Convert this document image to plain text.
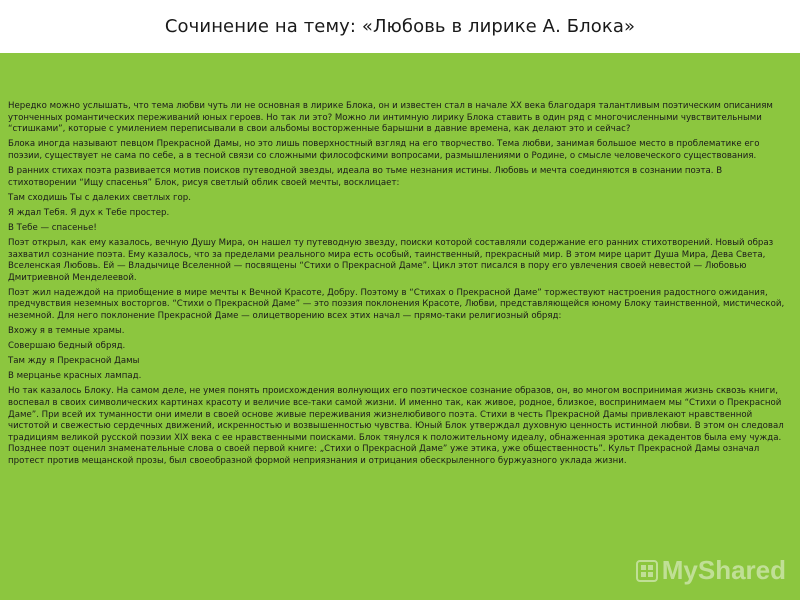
Сочинение на тему: «Любовь в лирике А. Блока»

Нередко можно услышать, что тема любви чуть ли не основная в лирике Блока, он и известен стал в начале XX века благодаря талантливым поэтическим описаниям утонченных романтических переживаний юных героев. Но так ли это? Можно ли интимную лирику Блока ставить в один ряд с многочисленными чувствительными “стишками”, которые с умилением переписывали в свои альбомы восторженные барышни в давние времена, как делают это и сейчас?

Блока иногда называют певцом Прекрасной Дамы, но это лишь поверхностный взгляд на его творчество. Тема любви, занимая большое место в проблематике его поэзии, существует не сама по себе, а в тесной связи со сложными философскими вопросами, размышлениями о Родине, о смысле человеческого существования.

В ранних стихах поэта развивается мотив поисков путеводной звезды, идеала во тьме незнания истины. Любовь и мечта соединяются в сознании поэта. В стихотворении “Ищу спасенья” Блок, рисуя светлый облик своей мечты, восклицает:

Там сходишь Ты с далеких светлых гор.

Я ждал Тебя. Я дух к Тебе простер.

В Тебе — спасенье!

Поэт открыл, как ему казалось, вечную Душу Мира, он нашел ту путеводную звезду, поиски которой составляли содержание его ранних стихотворений. Новый образ захватил сознание поэта. Ему казалось, что за пределами реального мира есть особый, таинственный, прекрасный мир. В этом мире царит Душа Мира, Дева Света, Вселенская Любовь. Ей — Владычице Вселенной — посвящены “Стихи о Прекрасной Даме”. Цикл этот писался в пору его увлечения своей невестой — Любовью Дмитриевной Менделеевой.

Поэт жил надеждой на приобщение в мире мечты к Вечной Красоте, Добру. Поэтому в “Стихах о Прекрасной Даме” торжествуют настроения радостного ожидания, предчувствия неземных восторгов. “Стихи о Прекрасной Даме” — это поэзия поклонения Красоте, Любви, представляющейся юному Блоку таинственной, мистической, неземной. Для него поклонение Прекрасной Даме — олицетворению всех этих начал — прямо-таки религиозный обряд:

Вхожу я в темные храмы.

Совершаю бедный обряд.

Там жду я Прекрасной Дамы

В мерцанье красных лампад.

Но так казалось Блоку. На самом деле, не умея понять происхождения волнующих его поэтическое сознание образов, он, во многом воспринимая жизнь сквозь книги, воспевал в своих символических картинах красоту и величие все-таки самой жизни. И именно так, как живое, родное, близкое, воспринимаем мы “Стихи о Прекрасной Даме”. При всей их туманности они имели в своей основе живые переживания жизнелюбивого поэта. Стихи в честь Прекрасной Дамы привлекают нравственной чистотой и свежестью сердечных движений, искренностью и возвышенностью чувства. Юный Блок утверждал духовную ценность истинной любви. В этом он следовал традициям великой русской поэзии XIX века с ее нравственными поисками. Блок тянулся к положительному идеалу, обнаженная эротика декадентов была ему чужда. Позднее поэт оценил знаменательные слова о своей первой книге: „Стихи о Прекрасной Даме” уже этика, уже общественность”. Культ Прекрасной Дамы означал протест против мещанской прозы, был своеобразной формой неприязнания и отрицания обескрыленного буржуазного уклада жизни.

MyShared
